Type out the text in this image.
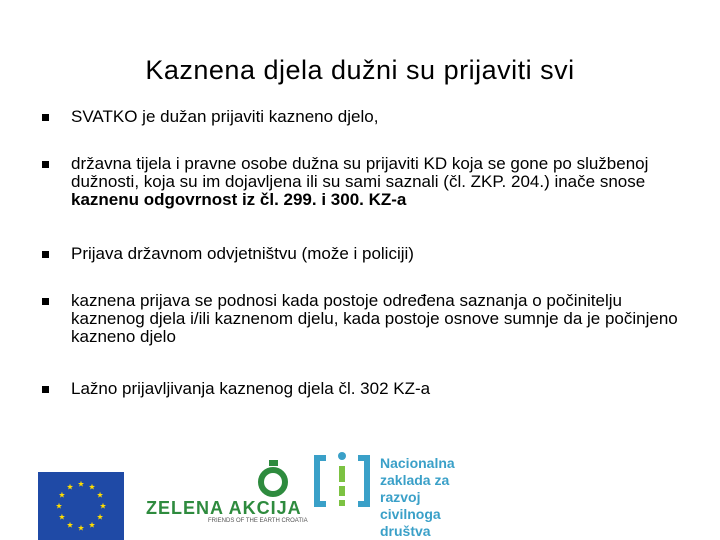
Kaznena djela dužni su prijaviti svi
SVATKO je dužan prijaviti kazneno djelo,
državna tijela i pravne osobe dužna su prijaviti KD koja se gone po službenoj dužnosti, koja su im dojavljena ili su sami saznali (čl. ZKP. 204.) inače snose kaznenu odgovrnost iz čl. 299. i 300. KZ-a
Prijava državnom odvjetništvu (može i policiji)
kaznena prijava se podnosi kada postoje određena saznanja o počinitelju kaznenog djela i/ili kaznenom djelu, kada postoje osnove sumnje da je počinjeno kazneno djelo
Lažno prijavljivanja kaznenog djela čl. 302 KZ-a
ZELENA AKCIJA
FRIENDS OF THE EARTH CROATIA
Nacionalna
zaklada za
razvoj
civilnoga
društva
